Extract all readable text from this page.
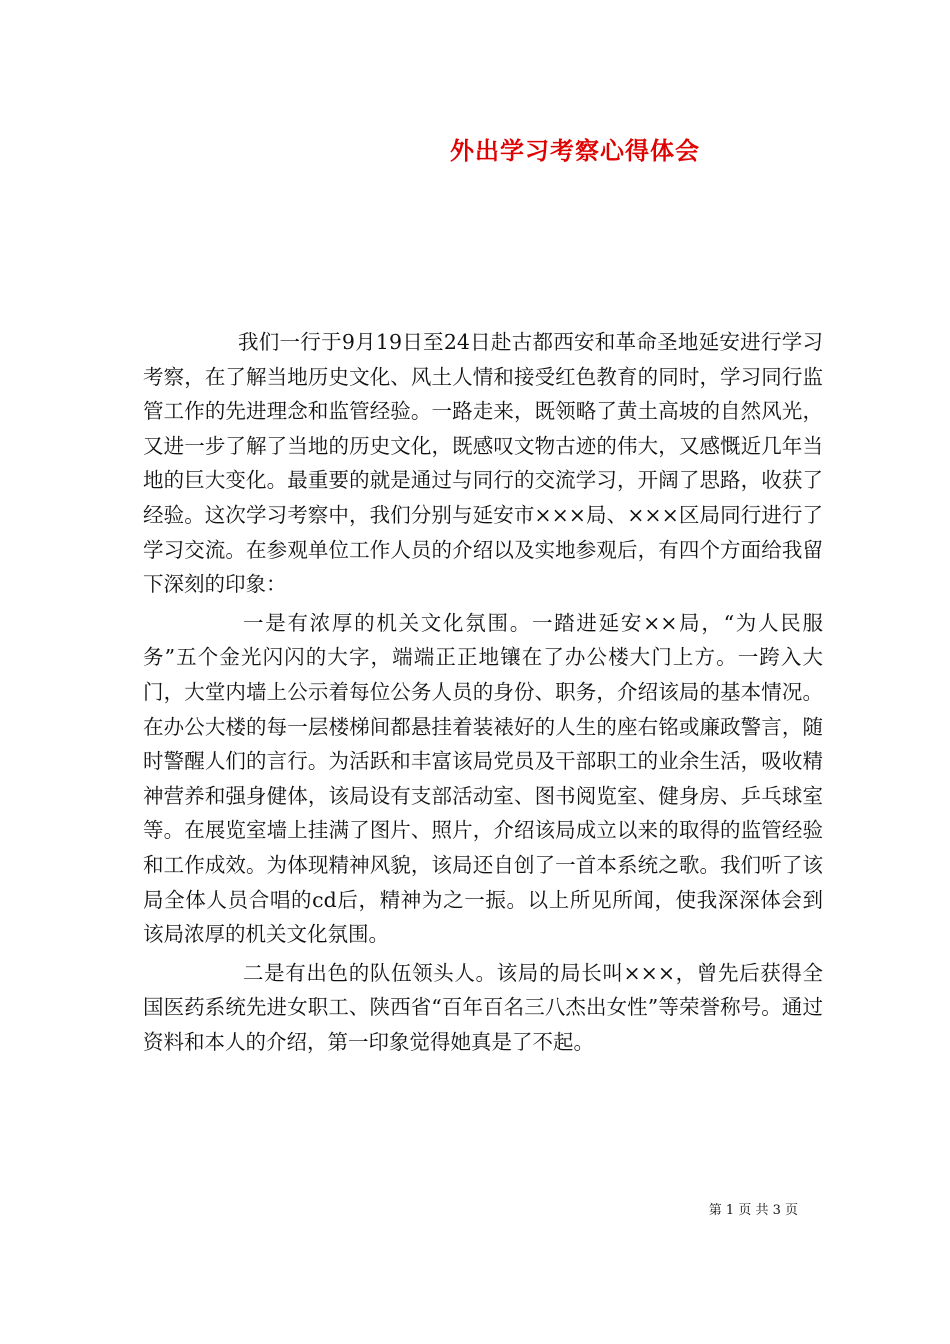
外出学习考察心得体会

我们一行于9月19日至24日赴古都西安和革命圣地延安进行学习考察，在了解当地历史文化、风土人情和接受红色教育的同时，学习同行监管工作的先进理念和监管经验。一路走来，既领略了黄土高坡的自然风光，又进一步了解了当地的历史文化，既感叹文物古迹的伟大，又感慨近几年当地的巨大变化。最重要的就是通过与同行的交流学习，开阔了思路，收获了经验。这次学习考察中，我们分别与延安市×××局、×××区局同行进行了学习交流。在参观单位工作人员的介绍以及实地参观后，有四个方面给我留下深刻的印象：

一是有浓厚的机关文化氛围。一踏进延安××局，“为人民服务”五个金光闪闪的大字，端端正正地镶在了办公楼大门上方。一跨入大门，大堂内墙上公示着每位公务人员的身份、职务，介绍该局的基本情况。在办公大楼的每一层楼梯间都悬挂着装裱好的人生的座右铭或廉政警言，随时警醒人们的言行。为活跃和丰富该局党员及干部职工的业余生活，吸收精神营养和强身健体，该局设有支部活动室、图书阅览室、健身房、乒乓球室等。在展览室墙上挂满了图片、照片，介绍该局成立以来的取得的监管经验和工作成效。为体现精神风貌，该局还自创了一首本系统之歌。我们听了该局全体人员合唱的cd后，精神为之一振。以上所见所闻，使我深深体会到该局浓厚的机关文化氛围。

二是有出色的队伍领头人。该局的局长叫×××，曾先后获得全国医药系统先进女职工、陕西省“百年百名三八杰出女性”等荣誉称号。通过资料和本人的介绍，第一印象觉得她真是了不起。

第 1 页 共 3 页
